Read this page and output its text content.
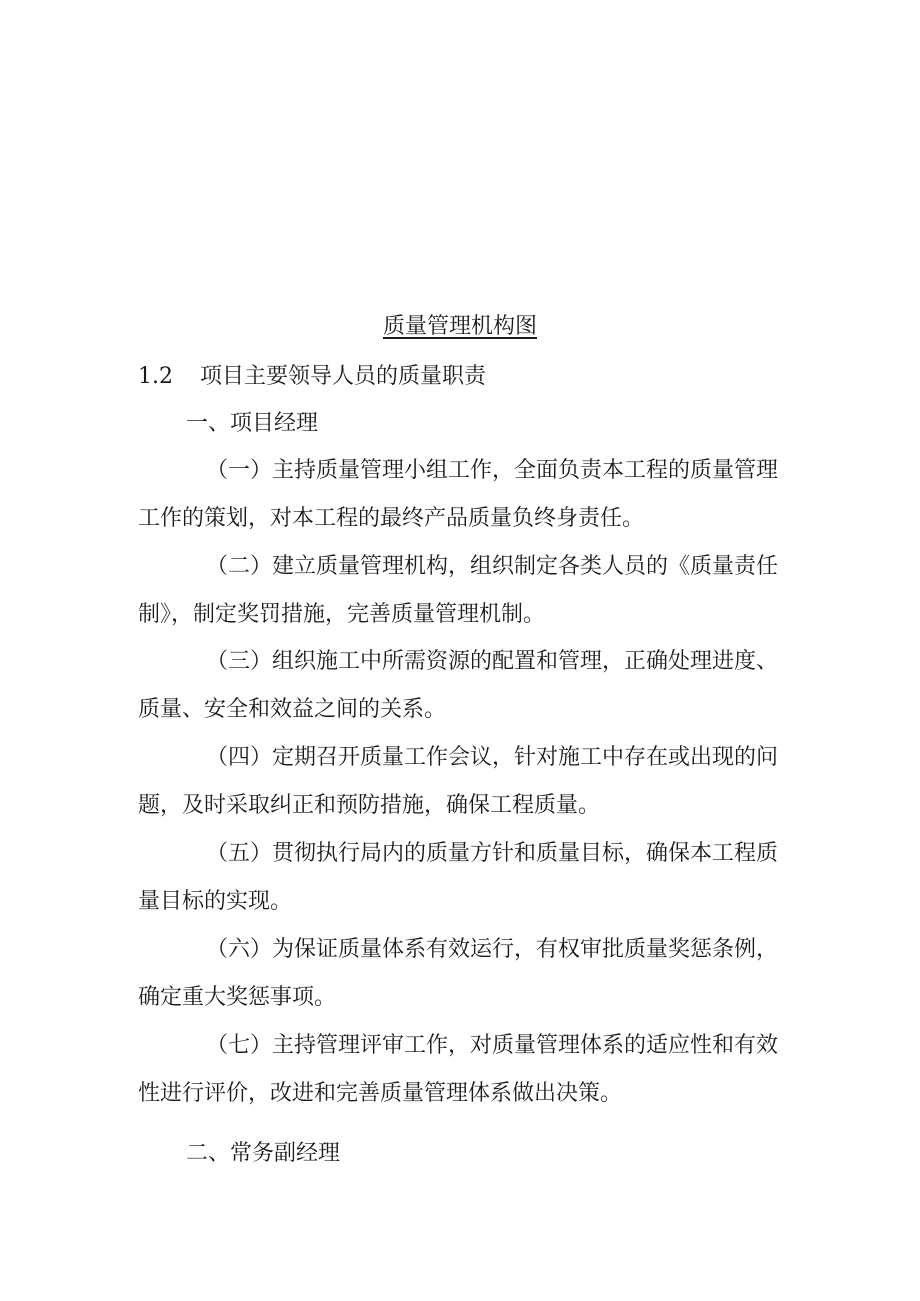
质量管理机构图
1.2 项目主要领导人员的质量职责
一、项目经理

（一）主持质量管理小组工作，全面负责本工程的质量管理工作的策划，对本工程的最终产品质量负终身责任。

（二）建立质量管理机构，组织制定各类人员的《质量责任制》，制定奖罚措施，完善质量管理机制。

（三）组织施工中所需资源的配置和管理，正确处理进度、质量、安全和效益之间的关系。

（四）定期召开质量工作会议，针对施工中存在或出现的问题，及时采取纠正和预防措施，确保工程质量。

（五）贯彻执行局内的质量方针和质量目标，确保本工程质量目标的实现。

（六）为保证质量体系有效运行，有权审批质量奖惩条例，确定重大奖惩事项。

（七）主持管理评审工作，对质量管理体系的适应性和有效性进行评价，改进和完善质量管理体系做出决策。

二、常务副经理
